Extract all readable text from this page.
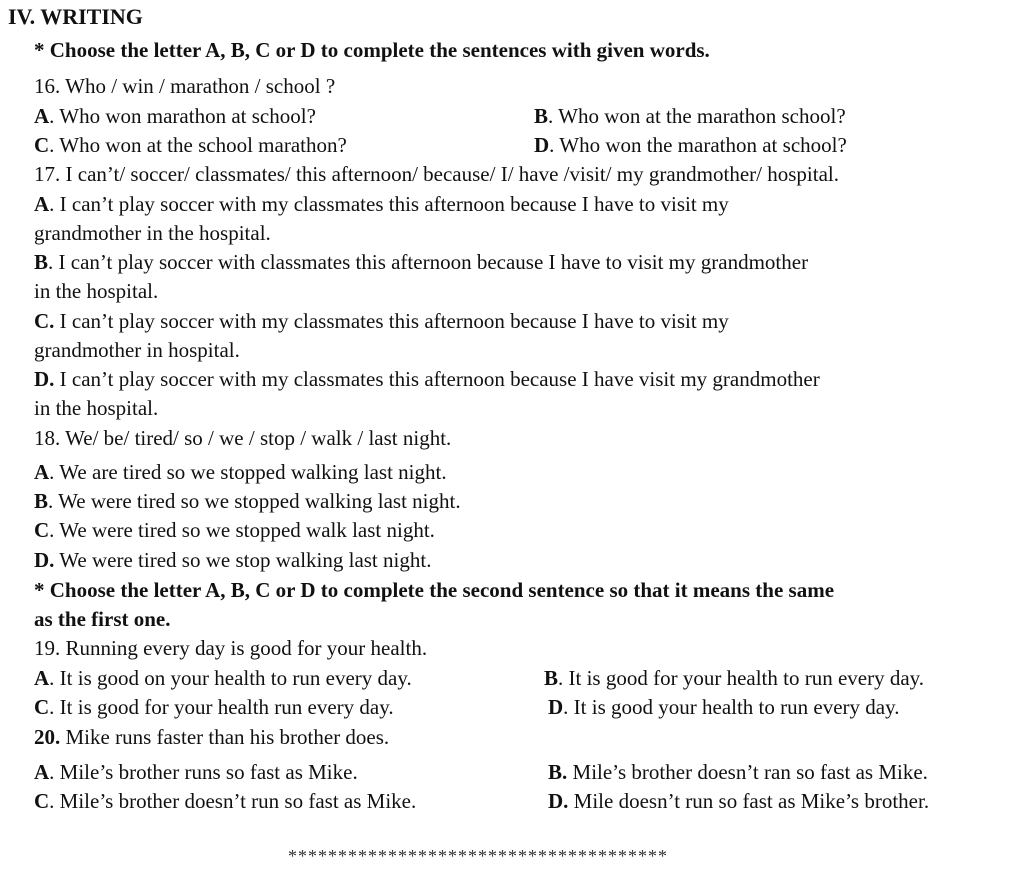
IV. WRITING
* Choose the letter A, B, C or D to complete the sentences with given words.
16. Who / win / marathon / school ?
A. Who won marathon at school?	B. Who won at the marathon school?
C. Who won at the school marathon?	D. Who won the marathon at school?
17. I can’t/ soccer/ classmates/ this afternoon/ because/ I/ have /visit/ my grandmother/ hospital.
A. I can’t play soccer with my classmates this afternoon because I have to visit my
grandmother in the hospital.
B. I can’t play soccer with classmates this afternoon because I have to visit my grandmother
in the hospital.
C. I can’t play soccer with my classmates this afternoon because I have to visit my
grandmother in hospital.
D. I can’t play soccer with my classmates this afternoon because I have visit my grandmother
in the hospital.
18. We/ be/ tired/ so / we / stop / walk / last night.
A. We are tired so we stopped walking last night.
B. We were tired so we stopped walking last night.
C. We were tired so we stopped walk last night.
D. We were tired so we stop walking last night.
* Choose the letter A, B, C or D to complete the second sentence so that it means the same
as the first one.
19. Running every day is good for your health.
A. It is good on your health to run every day.	B. It is good for your health to run every day.
C. It is good for your health run every day.	D. It is good your health to run every day.
20. Mike runs faster than his brother does.
A. Mile’s brother runs so fast as Mike.	B. Mile’s brother doesn’t ran so fast as Mike.
C. Mile’s brother doesn’t run so fast as Mike.	D. Mile doesn’t run so fast as Mike’s brother.
**************************************
